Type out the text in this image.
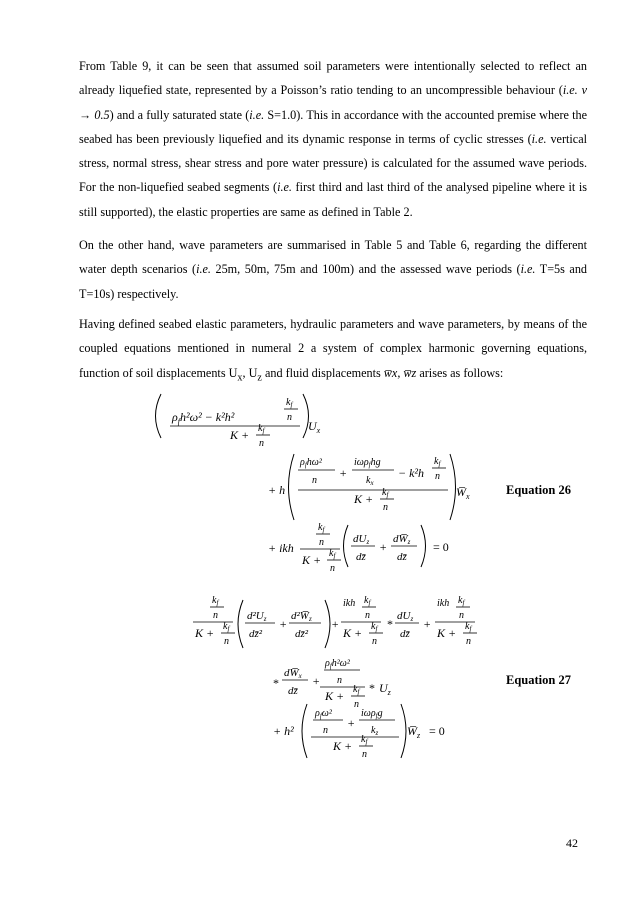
From Table 9, it can be seen that assumed soil parameters were intentionally selected to reflect an already liquefied state, represented by a Poisson’s ratio tending to an uncompressible behaviour (i.e. ν → 0.5) and a fully saturated state (i.e. S=1.0). This in accordance with the accounted premise where the seabed has been previously liquefied and its dynamic response in terms of cyclic stresses (i.e. vertical stress, normal stress, shear stress and pore water pressure) is calculated for the assumed wave periods. For the non-liquefied seabed segments (i.e. first third and last third of the analysed pipeline where it is still supported), the elastic properties are same as defined in Table 2.

On the other hand, wave parameters are summarised in Table 5 and Table 6, regarding the different water depth scenarios (i.e. 25m, 50m, 75m and 100m) and the assessed wave periods (i.e. T=5s and T=10s) respectively.

Having defined seabed elastic parameters, hydraulic parameters and wave parameters, by means of the coupled equations mentioned in numeral 2 a system of complex harmonic governing equations, function of soil displacements $U_x$, $U_z$ and fluid displacements w̅x, w̅z arises as follows:

$\rho_fh^2\omega^2 - k^2h^2$
$k_f$
n
$K + k_f$
n
$U_x$
+ h
$\rho_fh\omega^2$
n
+
iωρ$_f$hg
$k_x$
− k²h
$k_f$
n
$K + k_f$
n
$W̅_x$
+ ikh
$k_f$
n
$K + k_f$
n
dUz
dz̄
+
dW̅z
dz̄
= 0
Equation 26
$k_f$
n
$K + k_f$
n
d²Uz
dz̄²
+
d²W̅z
dz̄²
+
ikh $k_f$
n
$K + k_f$
n
*
dUz
dz̄
+
ikh $k_f$
n
$K + k_f$
n
*
dW̅x
dz̄
+
$\rho_fh^2\omega^2$
n
$K + k_f$
n
* $U_z$
+ h²
$\rho_f\omega^2$
n
+
iωρ$_f$g
$k_z$
$K + k_f$
n
$W̅_z = 0$
Equation 27
42
